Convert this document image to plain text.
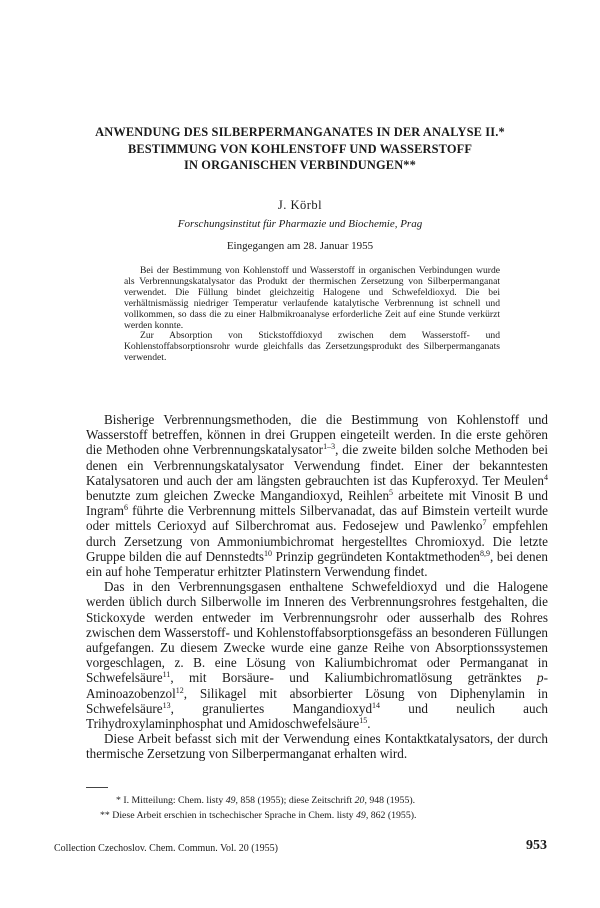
ANWENDUNG DES SILBERPERMANGANATES IN DER ANALYSE II.*
BESTIMMUNG VON KOHLENSTOFF UND WASSERSTOFF
IN ORGANISCHEN VERBINDUNGEN**
J. Körbl
Forschungsinstitut für Pharmazie und Biochemie, Prag
Eingegangen am 28. Januar 1955

Bei der Bestimmung von Kohlenstoff und Wasserstoff in organischen Verbindungen wurde als Verbrennungskatalysator das Produkt der thermischen Zersetzung von Silberpermanganat verwendet. Die Füllung bindet gleichzeitig Halogene und Schwefeldioxyd. Die bei verhältnismässig niedriger Temperatur verlaufende katalytische Verbrennung ist schnell und vollkommen, so dass die zu einer Halbmikroanalyse erforderliche Zeit auf eine Stunde verkürzt werden konnte.

Zur Absorption von Stickstoffdioxyd zwischen dem Wasserstoff- und Kohlenstoffabsorptionsrohr wurde gleichfalls das Zersetzungsprodukt des Silberpermanganats verwendet.

Bisherige Verbrennungsmethoden, die die Bestimmung von Kohlenstoff und Wasserstoff betreffen, können in drei Gruppen eingeteilt werden. In die erste gehören die Methoden ohne Verbrennungskatalysator$^{1-3}$, die zweite bilden solche Methoden bei denen ein Verbrennungskatalysator Verwendung findet. Einer der bekanntesten Katalysatoren und auch der am längsten gebrauchten ist das Kupferoxyd. Ter Meulen$^4$ benutzte zum gleichen Zwecke Mangandioxyd, Reihlen$^5$ arbeitete mit Vinosit B und Ingram$^6$ führte die Verbrennung mittels Silbervanadat, das auf Bimstein verteilt wurde oder mittels Cerioxyd auf Silberchromat aus. Fedosejew und Pawlenko$^7$ empfehlen durch Zersetzung von Ammoniumbichromat hergestelltes Chromioxyd. Die letzte Gruppe bilden die auf Dennstedts$^{10}$ Prinzip gegründeten Kontaktmethoden$^{8,9}$, bei denen ein auf hohe Temperatur erhitzter Platinstern Verwendung findet.

Das in den Verbrennungsgasen enthaltene Schwefeldioxyd und die Halogene werden üblich durch Silberwolle im Inneren des Verbrennungsrohres festgehalten, die Stickoxyde werden entweder im Verbrennungsrohr oder ausserhalb des Rohres zwischen dem Wasserstoff- und Kohlenstoffabsorptionsgefäss an besonderen Füllungen aufgefangen. Zu diesem Zwecke wurde eine ganze Reihe von Absorptionssystemen vorgeschlagen, z. B. eine Lösung von Kaliumbichromat oder Permanganat in Schwefelsäure$^{11}$, mit Borsäure- und Kaliumbichromatlösung getränktes p-Aminoazobenzol$^{12}$, Silikagel mit absorbierter Lösung von Diphenylamin in Schwefelsäure$^{13}$, granuliertes Mangandioxyd$^{14}$ und neulich auch Trihydroxylaminphosphat und Amidoschwefelsäure$^{15}$.

Diese Arbeit befasst sich mit der Verwendung eines Kontaktkatalysators, der durch thermische Zersetzung von Silberpermanganat erhalten wird.

* I. Mitteilung: Chem. listy 49, 858 (1955); diese Zeitschrift 20, 948 (1955).
** Diese Arbeit erschien in tschechischer Sprache in Chem. listy 49, 862 (1955).
Collection Czechoslov. Chem. Commun. Vol. 20 (1955)	953
